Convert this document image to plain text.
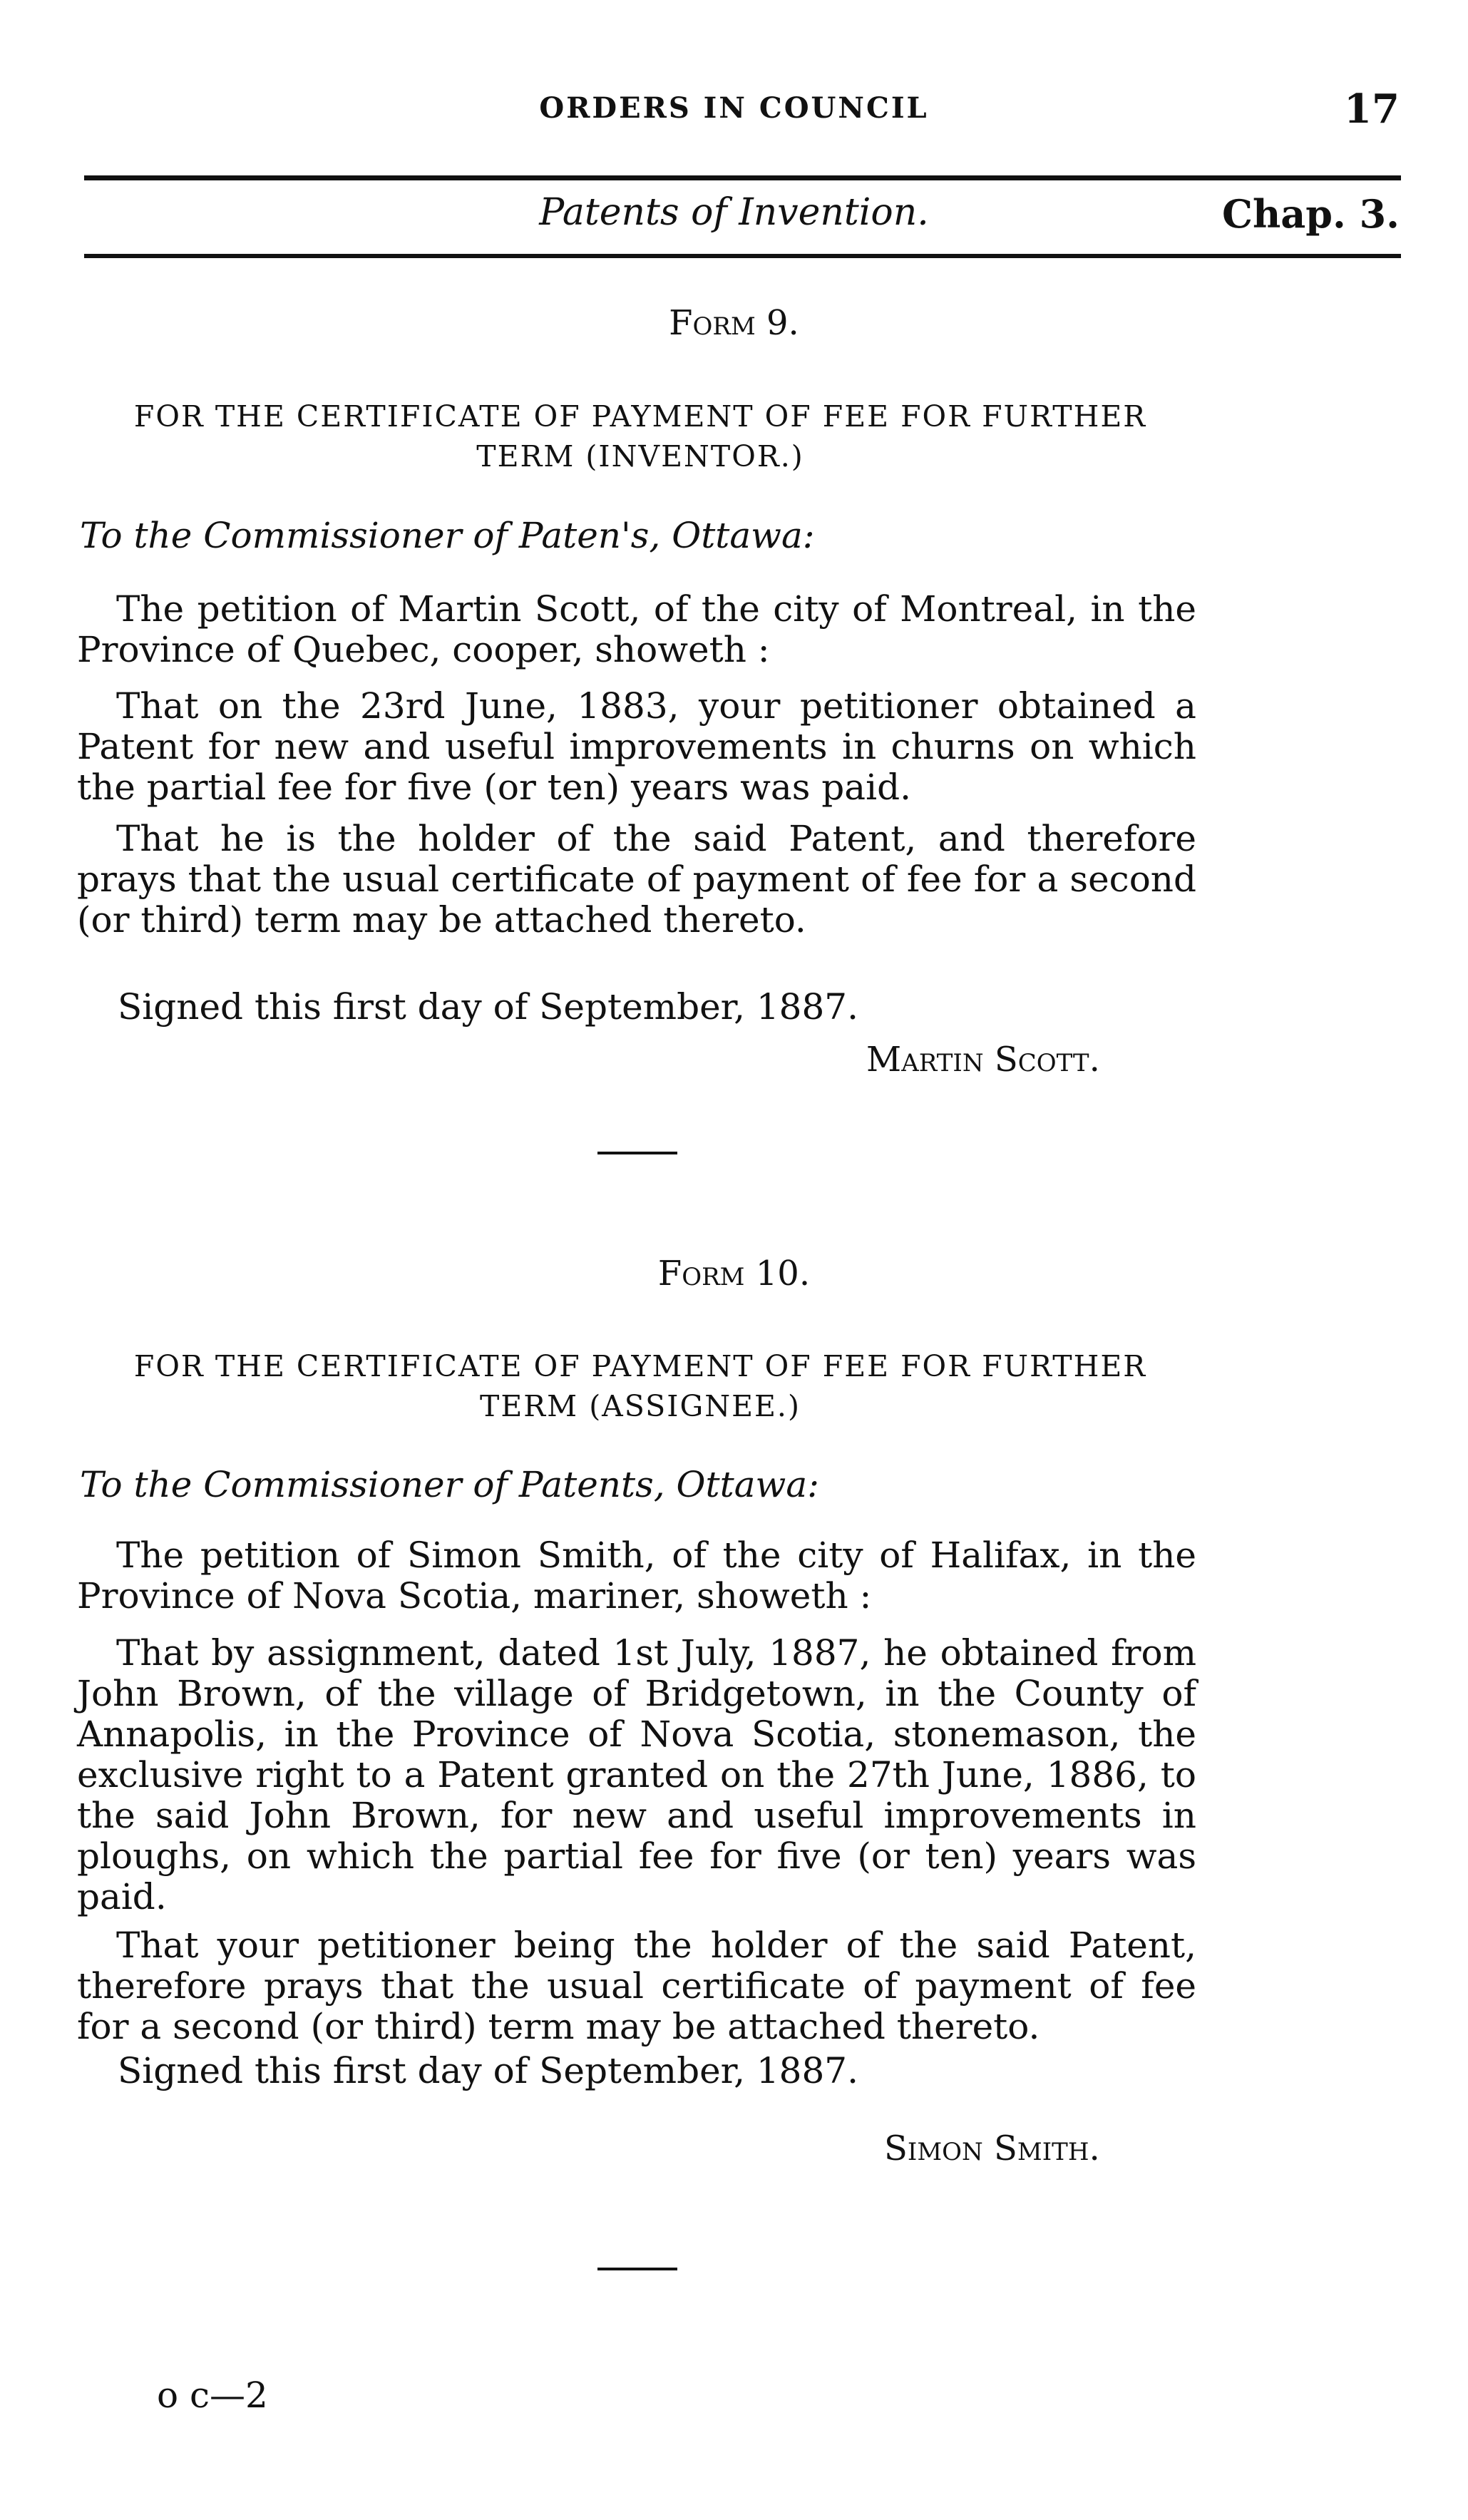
ORDERS IN COUNCIL	17
Patents of Invention.	Chap. 3.
Form 9.
FOR THE CERTIFICATE OF PAYMENT OF FEE FOR FURTHER
TERM (INVENTOR.)
To the Commissioner of Paten's, Ottawa:

The petition of Martin Scott, of the city of Montreal, in the Province of Quebec, cooper, showeth :

That on the 23rd June, 1883, your petitioner obtained a Patent for new and useful improvements in churns on which the partial fee for five (or ten) years was paid.

That he is the holder of the said Patent, and therefore prays that the usual certificate of payment of fee for a second (or third) term may be attached thereto.

Signed this first day of September, 1887.
Martin Scott.
Form 10.
FOR THE CERTIFICATE OF PAYMENT OF FEE FOR FURTHER
TERM (ASSIGNEE.)
To the Commissioner of Patents, Ottawa:

The petition of Simon Smith, of the city of Halifax, in the Province of Nova Scotia, mariner, showeth :

That by assignment, dated 1st July, 1887, he obtained from John Brown, of the village of Bridgetown, in the County of Annapolis, in the Province of Nova Scotia, stonemason, the exclusive right to a Patent granted on the 27th June, 1886, to the said John Brown, for new and useful improvements in ploughs, on which the partial fee for five (or ten) years was paid.

That your petitioner being the holder of the said Patent, therefore prays that the usual certificate of payment of fee for a second (or third) term may be attached thereto.

Signed this first day of September, 1887.
Simon Smith.
o c—2
